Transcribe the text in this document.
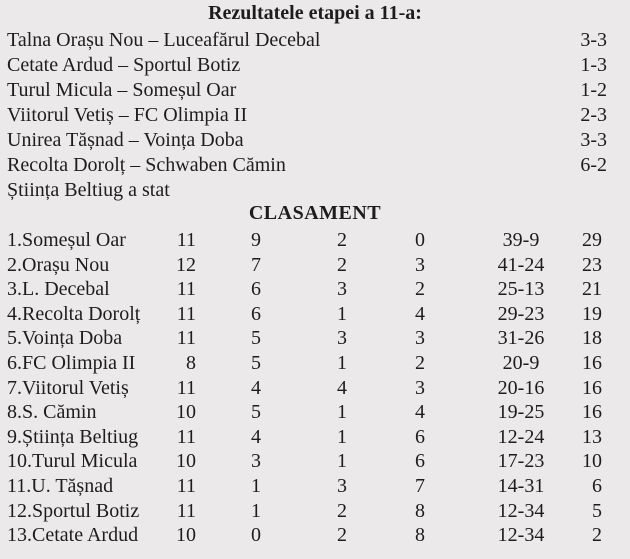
Rezultatele etapei a 11-a:
Talna Orașu Nou – Luceafărul Decebal	3-3
Cetate Ardud – Sportul Botiz	1-3
Turul Micula – Someșul Oar	1-2
Viitorul Vetiș – FC Olimpia II	2-3
Unirea Tășnad – Voința Doba	3-3
Recolta Dorolț – Schwaben Cămin	6-2
Știința Beltiug a stat
CLASAMENT
1.Someșul Oar	11	9	2	0	39-9	29
2.Orașu Nou	12	7	2	3	41-24	23
3.L. Decebal	11	6	3	2	25-13	21
4.Recolta Dorolț 11	6	1	4	29-23	19
5.Voința Doba	11	5	3	3	31-26	18
6.FC Olimpia II	8	5	1	2	20-9	16
7.Viitorul Vetiș 11	4	4	3	20-16	16
8.S. Cămin	10	5	1	4	19-25	16
9.Știința Beltiug 11	4	1	6	12-24	13
10.Turul Micula 10	3	1	6	17-23	10
11.U. Tășnad	11	1	3	7	14-31	6
12.Sportul Botiz 11	1	2	8	12-34	5
13.Cetate Ardud 10	0	2	8	12-34	2
